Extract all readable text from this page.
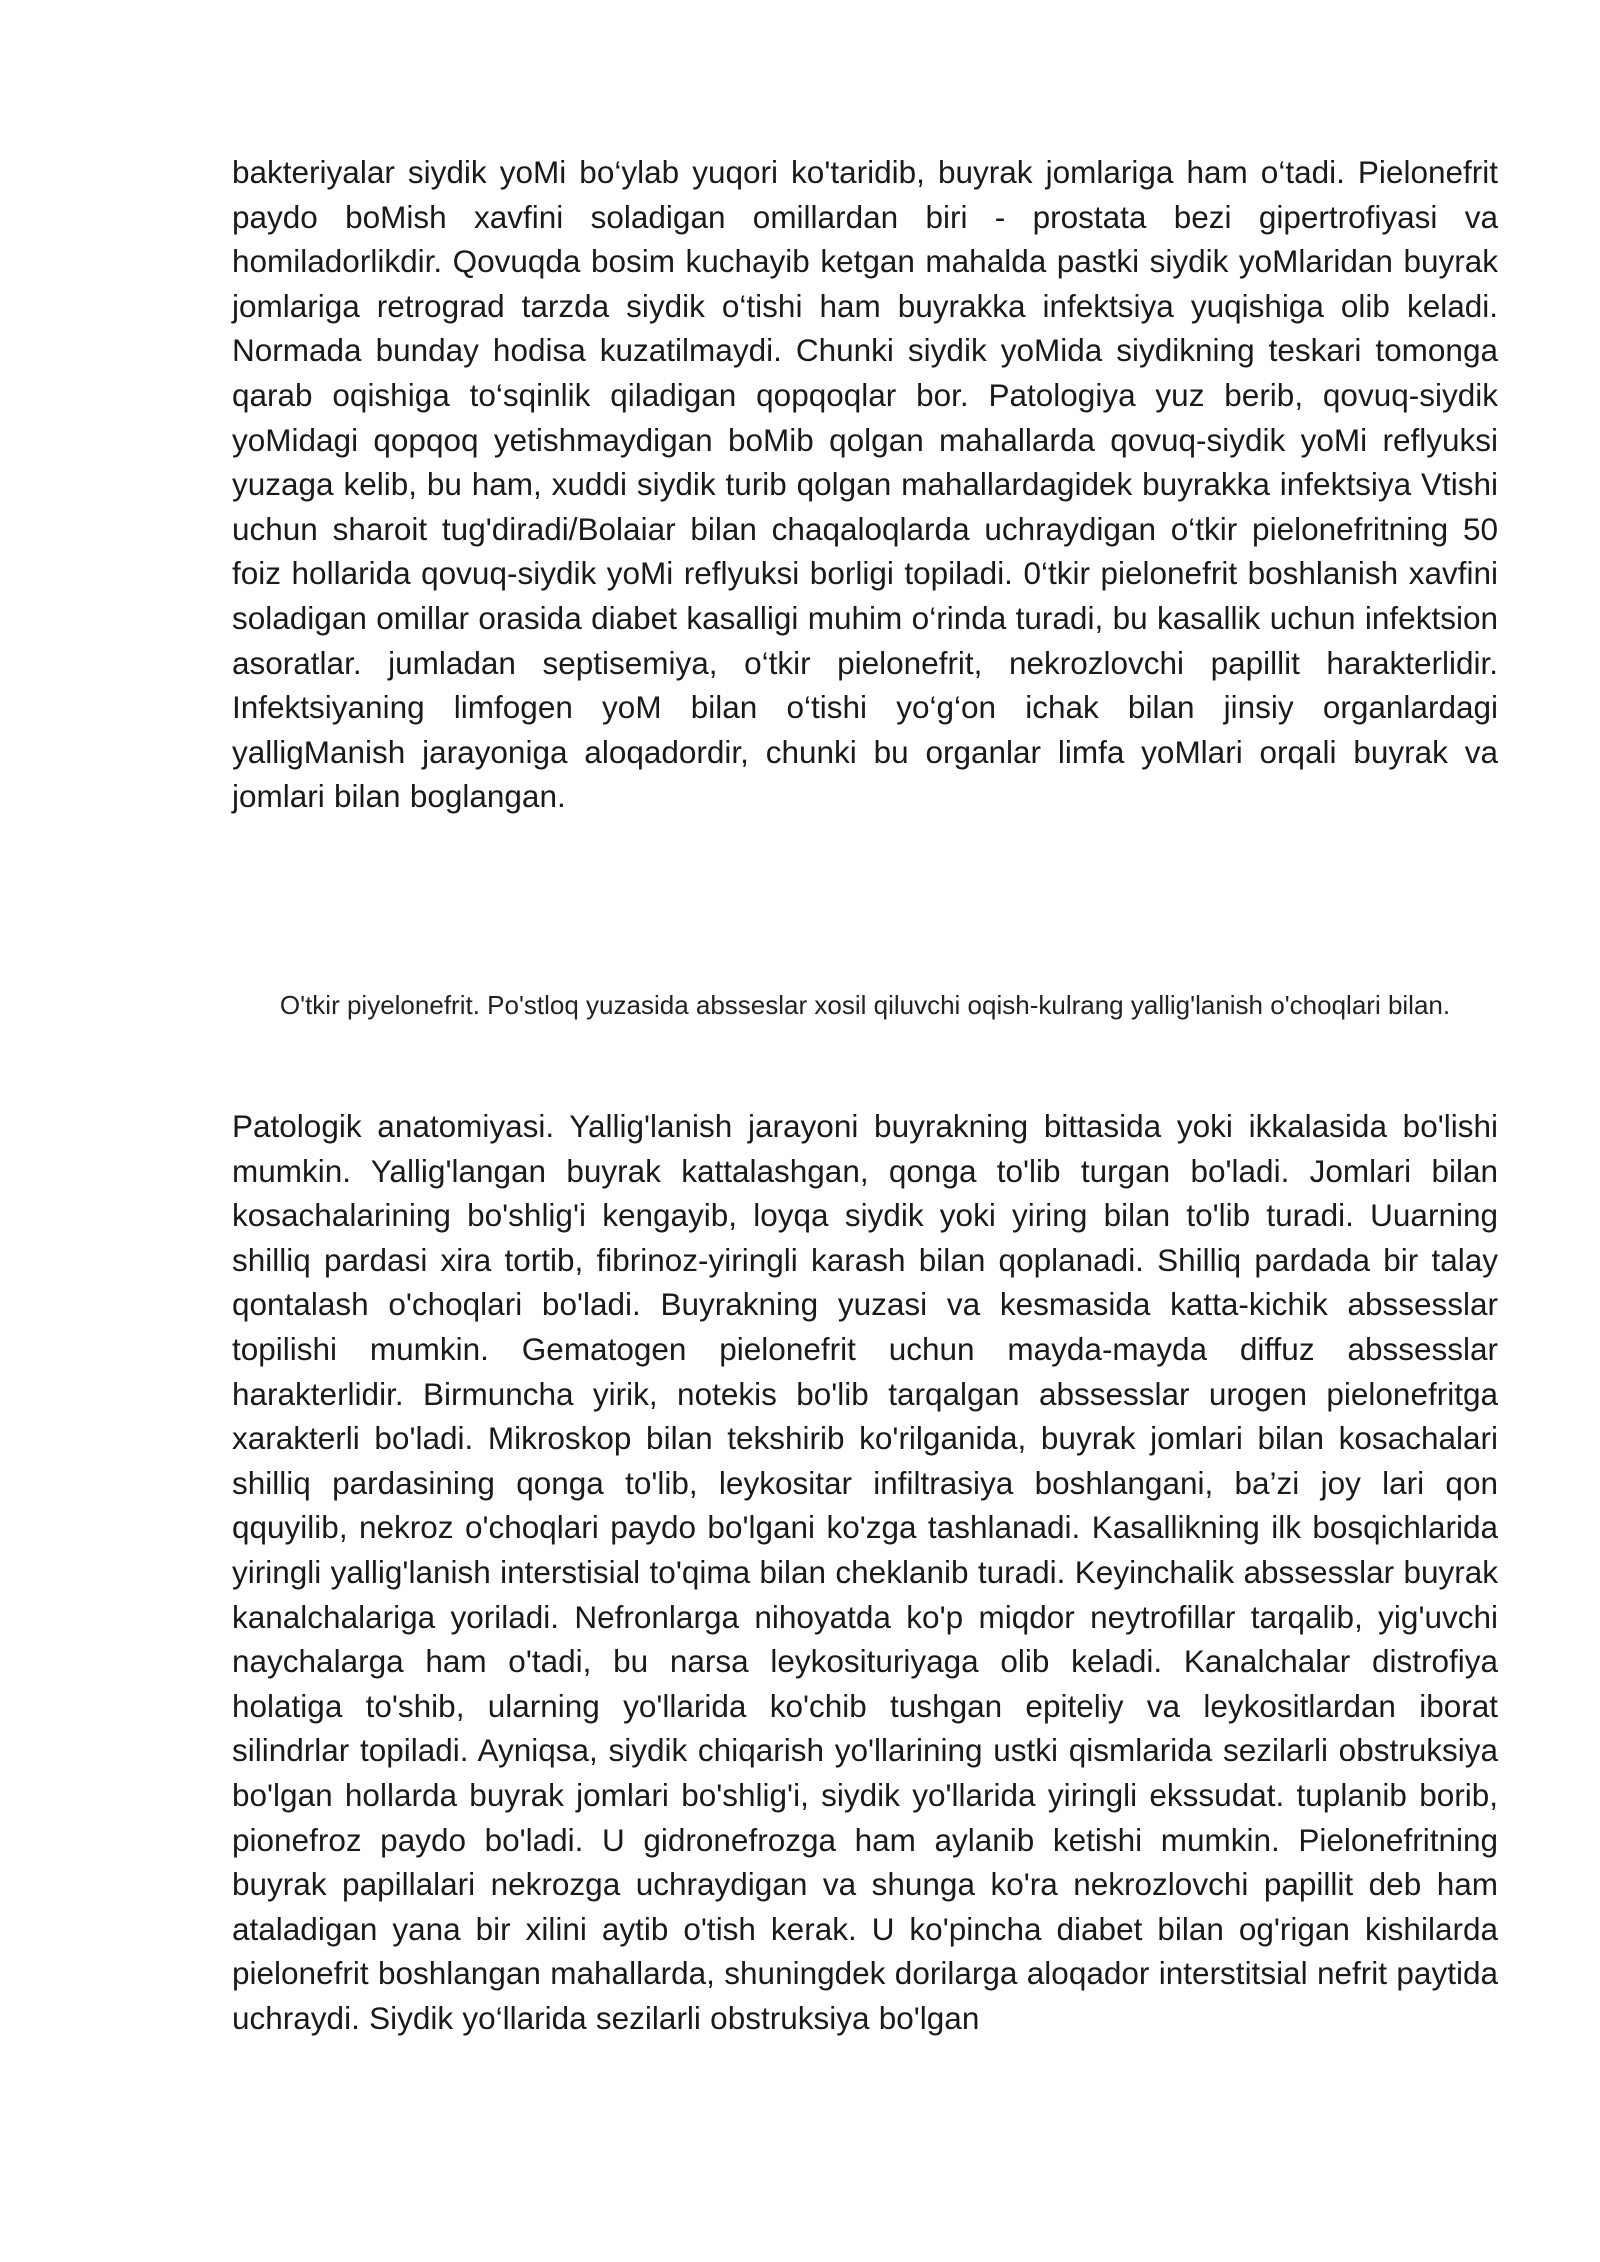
bakteriyalar siydik yoMi bo‘ylab yuqori ko'taridib, buyrak jomlariga ham o‘tadi. Pielonefrit paydo boMish xavfini soladigan omillardan biri - prostata bezi gipertrofiyasi va homiladorlikdir. Qovuqda bosim kuchayib ketgan mahalda pastki siydik yoMlaridan buyrak jomlariga retrograd tarzda siydik o‘tishi ham buyrakka infektsiya yuqishiga olib keladi. Normada bunday hodisa kuzatilmaydi. Chunki siydik yoMida siydikning teskari tomonga qarab oqishiga to‘sqinlik qiladigan qopqoqlar bor. Patologiya yuz berib, qovuq-siydik yoMidagi qopqoq yetishmaydigan boMib qolgan mahallarda qovuq-siydik yoMi reflyuksi yuzaga kelib, bu ham, xuddi siydik turib qolgan mahallardagidek buyrakka infektsiya Vtishi uchun sharoit tug'diradi/Bolaiar bilan chaqaloqlarda uchraydigan o‘tkir pielonefritning 50 foiz hollarida qovuq-siydik yoMi reflyuksi borligi topiladi. 0‘tkir pielonefrit boshlanish xavfini soladigan omillar orasida diabet kasalligi muhim o‘rinda turadi, bu kasallik uchun infektsion asoratlar. jumladan septisemiya, o‘tkir pielonefrit, nekrozlovchi papillit harakterlidir. Infektsiyaning limfogen yoM bilan o‘tishi yo‘g‘on ichak bilan jinsiy organlardagi yalligManish jarayoniga aloqadordir, chunki bu organlar limfa yoMlari orqali buyrak va jomlari bilan boglangan.

O'tkir piyelonefrit. Po'stloq yuzasida absseslar xosil qiluvchi oqish-kulrang yallig'lanish o'choqlari bilan.

Patologik anatomiyasi. Yallig'lanish jarayoni buyrakning bittasida yoki ikkalasida bo'lishi mumkin. Yallig'langan buyrak kattalashgan, qonga to'lib turgan bo'ladi. Jomlari bilan kosachalarining bo'shlig'i kengayib, loyqa siydik yoki yiring bilan to'lib turadi. Uuarning shilliq pardasi xira tortib, fibrinoz-yiringli karash bilan qoplanadi. Shilliq pardada bir talay qontalash o'choqlari bo'ladi. Buyrakning yuzasi va kesmasida katta-kichik abssesslar topilishi mumkin. Gematogen pielonefrit uchun mayda-mayda diffuz abssesslar harakterlidir. Birmuncha yirik, notekis bo'lib tarqalgan abssesslar urogen pielonefritga xarakterli bo'ladi. Mikroskop bilan tekshirib ko'rilganida, buyrak jomlari bilan kosachalari shilliq pardasining qonga to'lib, leykositar infiltrasiya boshlangani, ba’zi joy lari qon qquyilib, nekroz o'choqlari paydo bo'lgani ko'zga tashlanadi. Kasallikning ilk bosqichlarida yiringli yallig'lanish interstisial to'qima bilan cheklanib turadi. Keyinchalik abssesslar buyrak kanalchalariga yoriladi. Nefronlarga nihoyatda ko'p miqdor neytrofillar tarqalib, yig'uvchi naychalarga ham o'tadi, bu narsa leykosituriyaga olib keladi. Kanalchalar distrofiya holatiga to'shib, ularning yo'llarida ko'chib tushgan epiteliy va leykositlardan iborat silindrlar topiladi. Ayniqsa, siydik chiqarish yo'llarining ustki qismlarida sezilarli obstruksiya bo'lgan hollarda buyrak jomlari bo'shlig'i, siydik yo'llarida yiringli ekssudat. tuplanib borib, pionefroz paydo bo'ladi. U gidronefrozga ham aylanib ketishi mumkin. Pielonefritning buyrak papillalari nekrozga uchraydigan va shunga ko'ra nekrozlovchi papillit deb ham ataladigan yana bir xilini aytib o'tish kerak. U ko'pincha diabet bilan og'rigan kishilarda pielonefrit boshlangan mahallarda, shuningdek dorilarga aloqador interstitsial nefrit paytida uchraydi. Siydik yo‘llarida sezilarli obstruksiya bo'lgan
